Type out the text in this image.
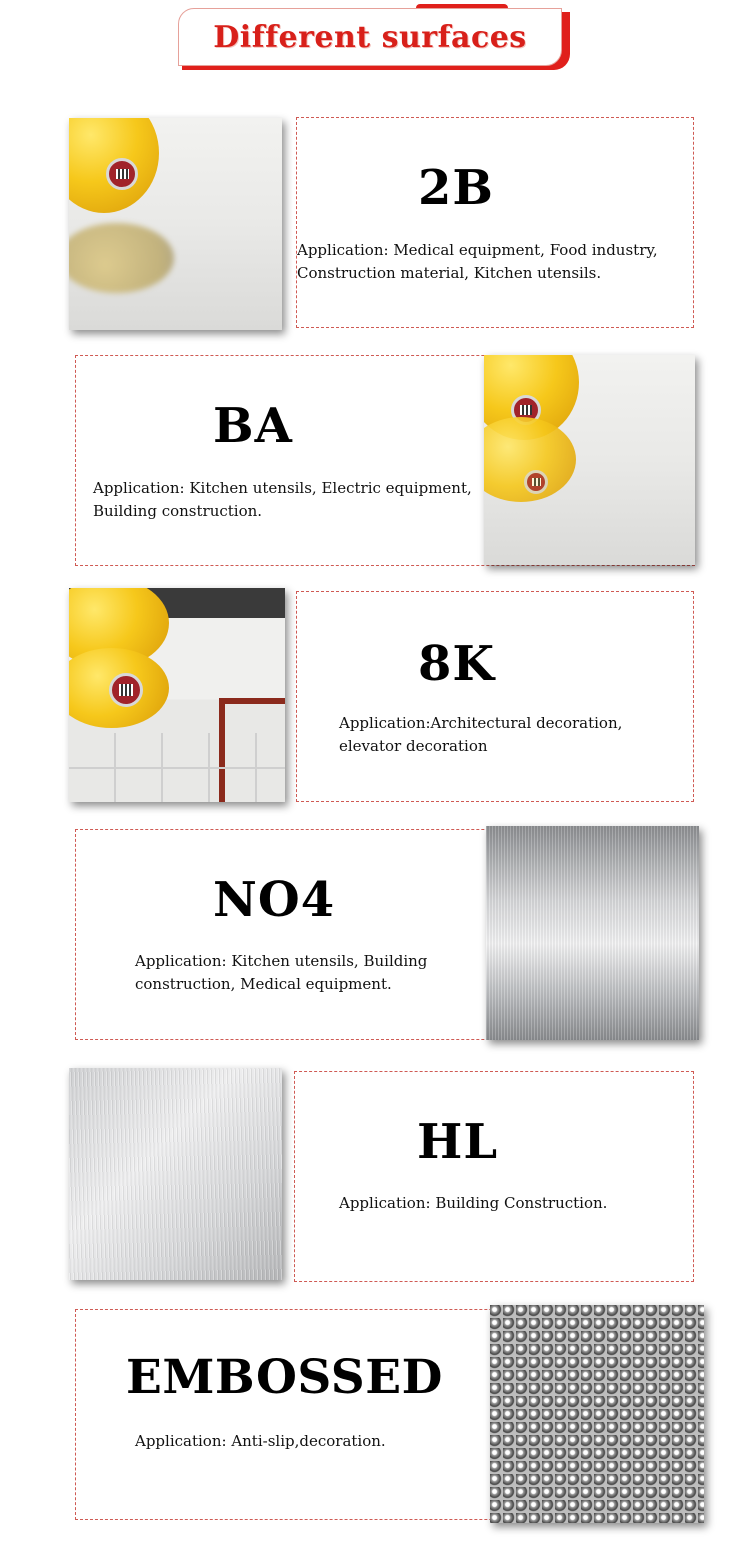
Different surfaces
2B
Application: Medical equipment, Food industry, Construction material, Kitchen utensils.
BA
Application: Kitchen utensils, Electric equipment, Building construction.
8K
Application:Architectural decoration, elevator decoration
NO4
Application: Kitchen utensils, Building construction, Medical equipment.
HL
Application: Building Construction.
EMBOSSED
Application: Anti-slip,decoration.
